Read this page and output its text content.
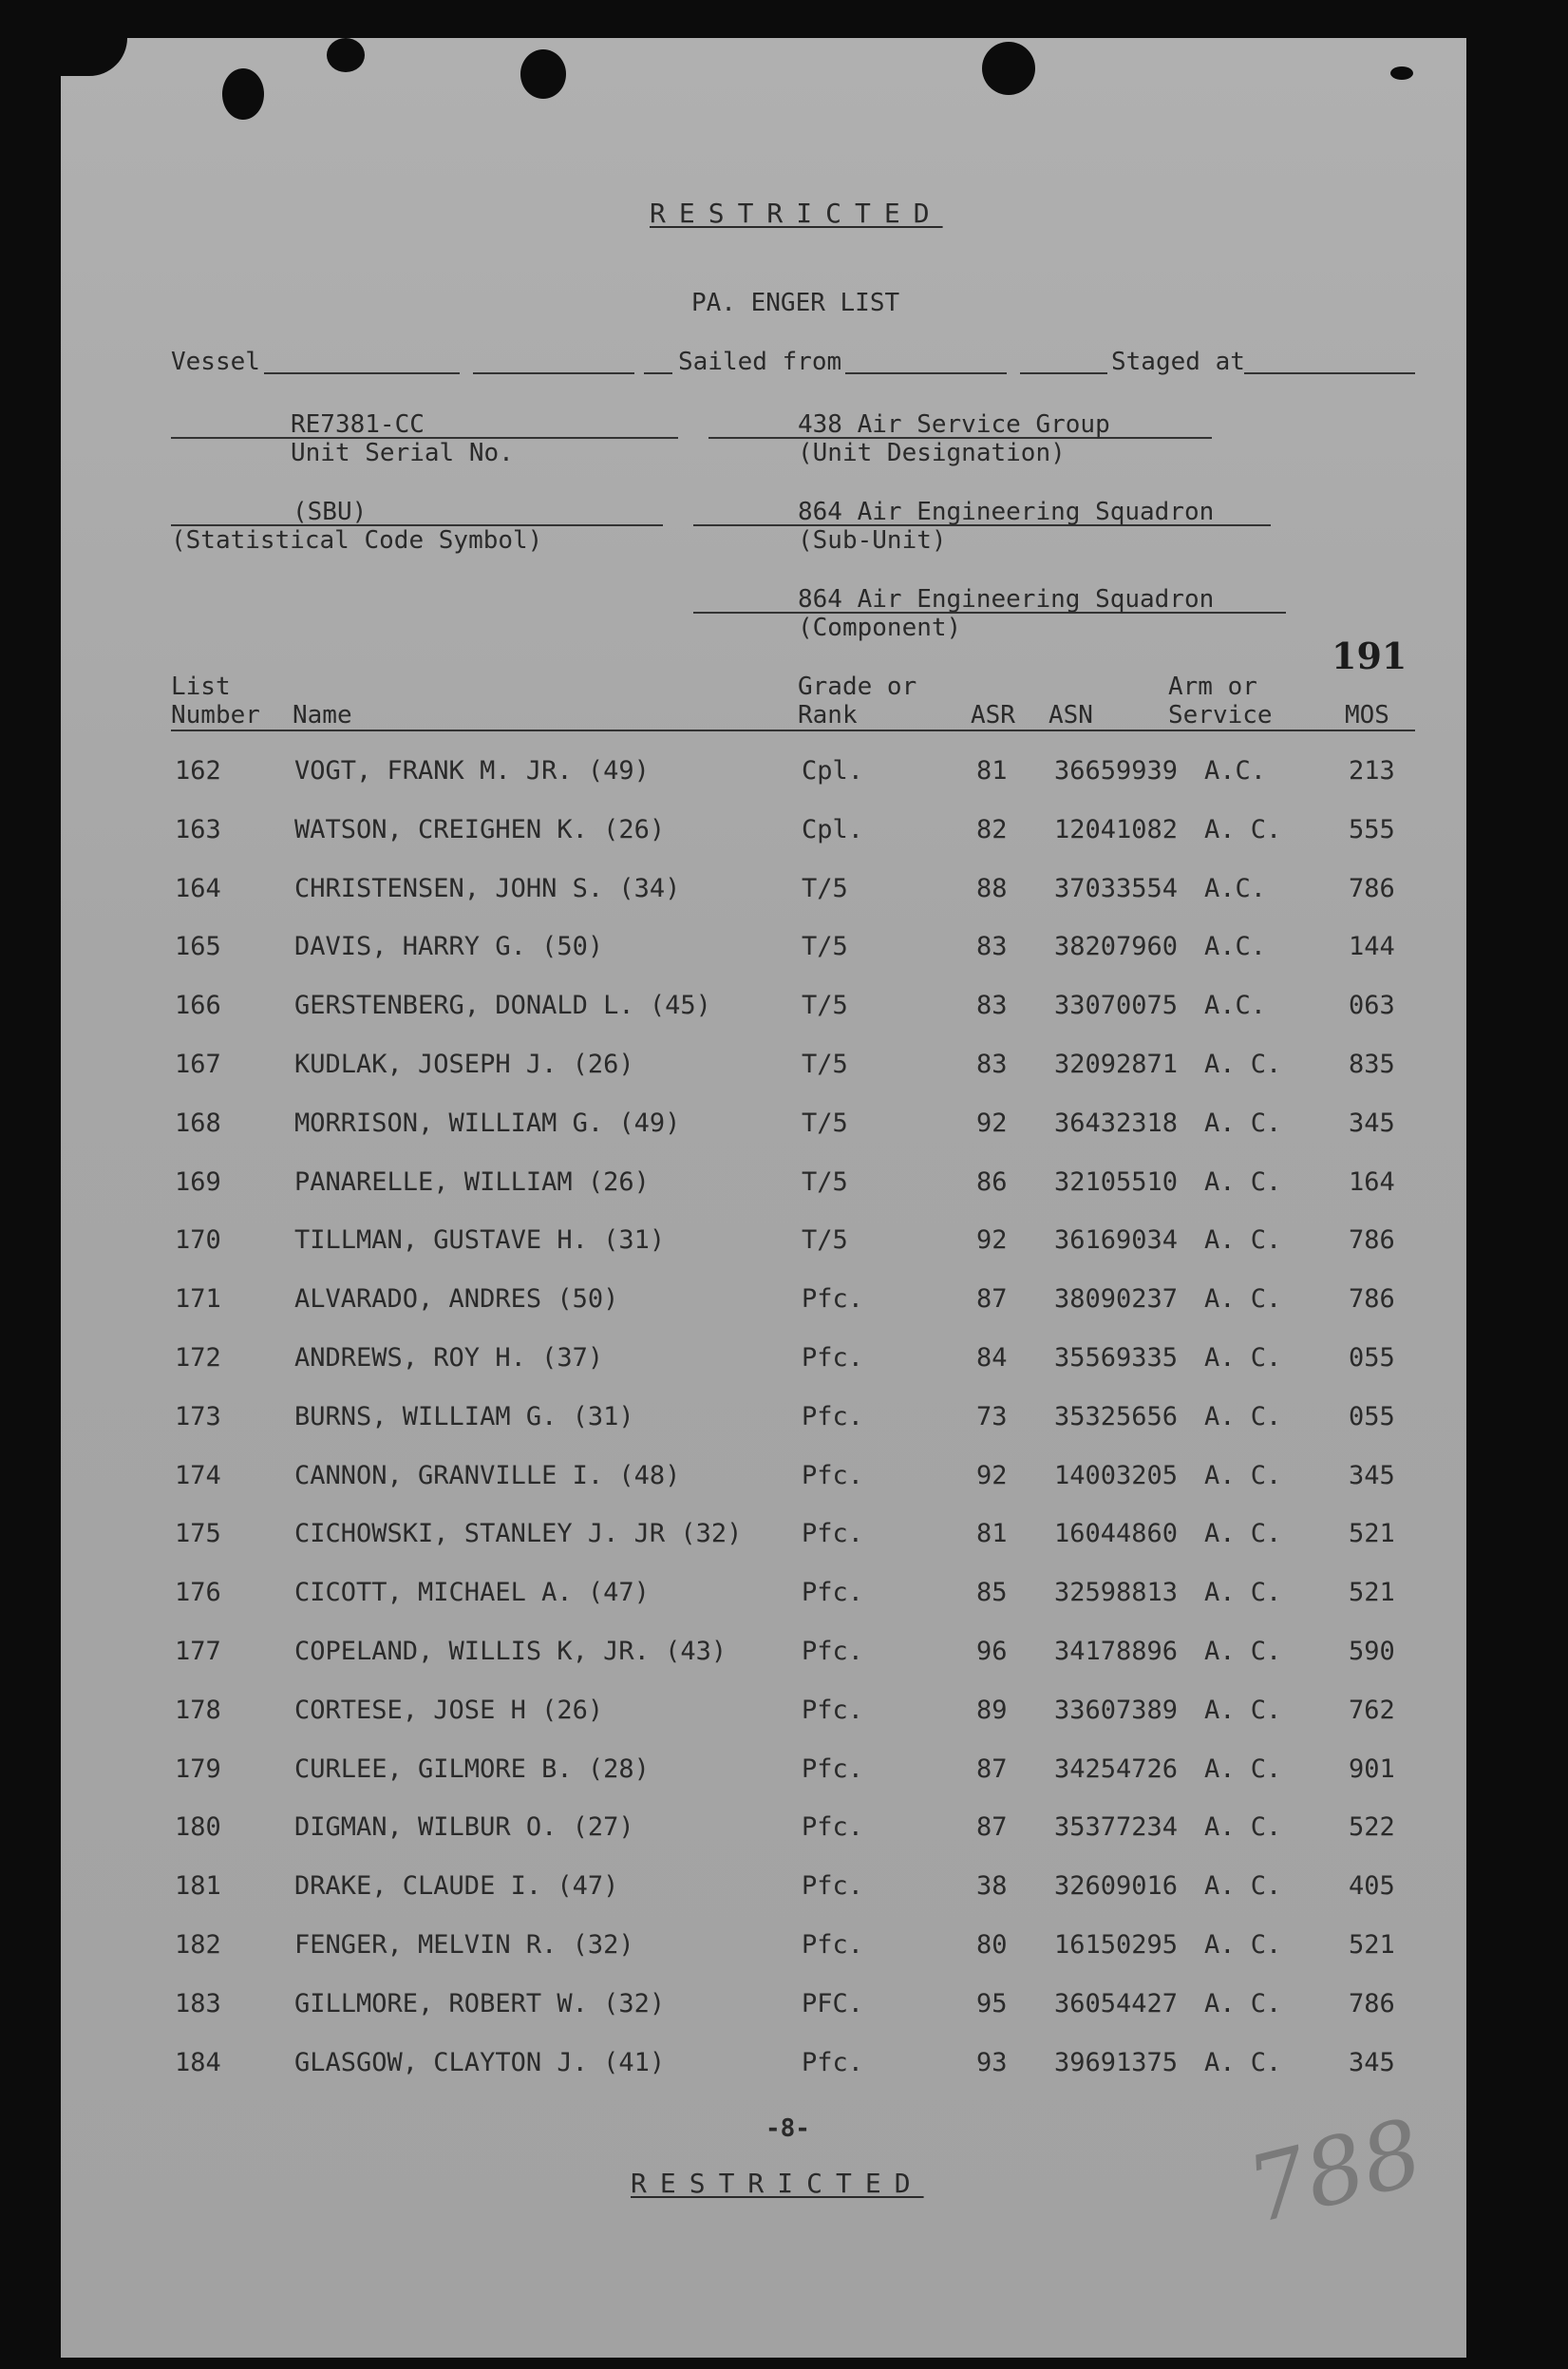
RESTRICTED
PA. ENGER LIST
Vessel	Sailed from	Staged at
RE7381-CC
Unit Serial No.
438 Air Service Group
(Unit Designation)
(SBU)
(Statistical Code Symbol)
864 Air Engineering Squadron
(Sub-Unit)
864 Air Engineering Squadron
(Component)
191
List
Number Name
Grade or
Rank	ASR ASN
Arm or
Service	MOS
162	VOGT, FRANK M. JR. (49)	Cpl.	81 36659939 A.C.	213
163	WATSON, CREIGHEN K. (26)	Cpl.	82 12041082 A. C.	555
164	CHRISTENSEN, JOHN S. (34)	T/5	88 37033554 A.C.	786
165	DAVIS, HARRY G. (50)	T/5	83 38207960 A.C.	144
166	GERSTENBERG, DONALD L. (45)	T/5	83 33070075 A.C.	063
167	KUDLAK, JOSEPH J. (26)	T/5	83 32092871 A. C.	835
168	MORRISON, WILLIAM G. (49)	T/5	92 36432318 A. C.	345
169	PANARELLE, WILLIAM (26)	T/5	86 32105510 A. C.	164
170	TILLMAN, GUSTAVE H. (31)	T/5	92 36169034 A. C.	786
171	ALVARADO, ANDRES (50)	Pfc.	87 38090237 A. C.	786
172	ANDREWS, ROY H. (37)	Pfc.	84 35569335 A. C.	055
173	BURNS, WILLIAM G. (31)	Pfc.	73 35325656 A. C.	055
174	CANNON, GRANVILLE I. (48)	Pfc.	92 14003205 A. C.	345
175	CICHOWSKI, STANLEY J. JR (32) Pfc.	81 16044860 A. C.	521
176	CICOTT, MICHAEL A. (47)	Pfc.	85 32598813 A. C.	521
177	COPELAND, WILLIS K, JR. (43)	Pfc.	96 34178896 A. C.	590
178	CORTESE, JOSE H (26)	Pfc.	89 33607389 A. C.	762
179	CURLEE, GILMORE B. (28)	Pfc.	87 34254726 A. C.	901
180	DIGMAN, WILBUR O. (27)	Pfc.	87 35377234 A. C.	522
181	DRAKE, CLAUDE I. (47)	Pfc.	38 32609016 A. C.	405
182	FENGER, MELVIN R. (32)	Pfc.	80 16150295 A. C.	521
183	GILLMORE, ROBERT W. (32)	PFC.	95 36054427 A. C.	786
184	GLASGOW, CLAYTON J. (41)	Pfc.	93 39691375 A. C.	345
-8-
RESTRICTED	788
